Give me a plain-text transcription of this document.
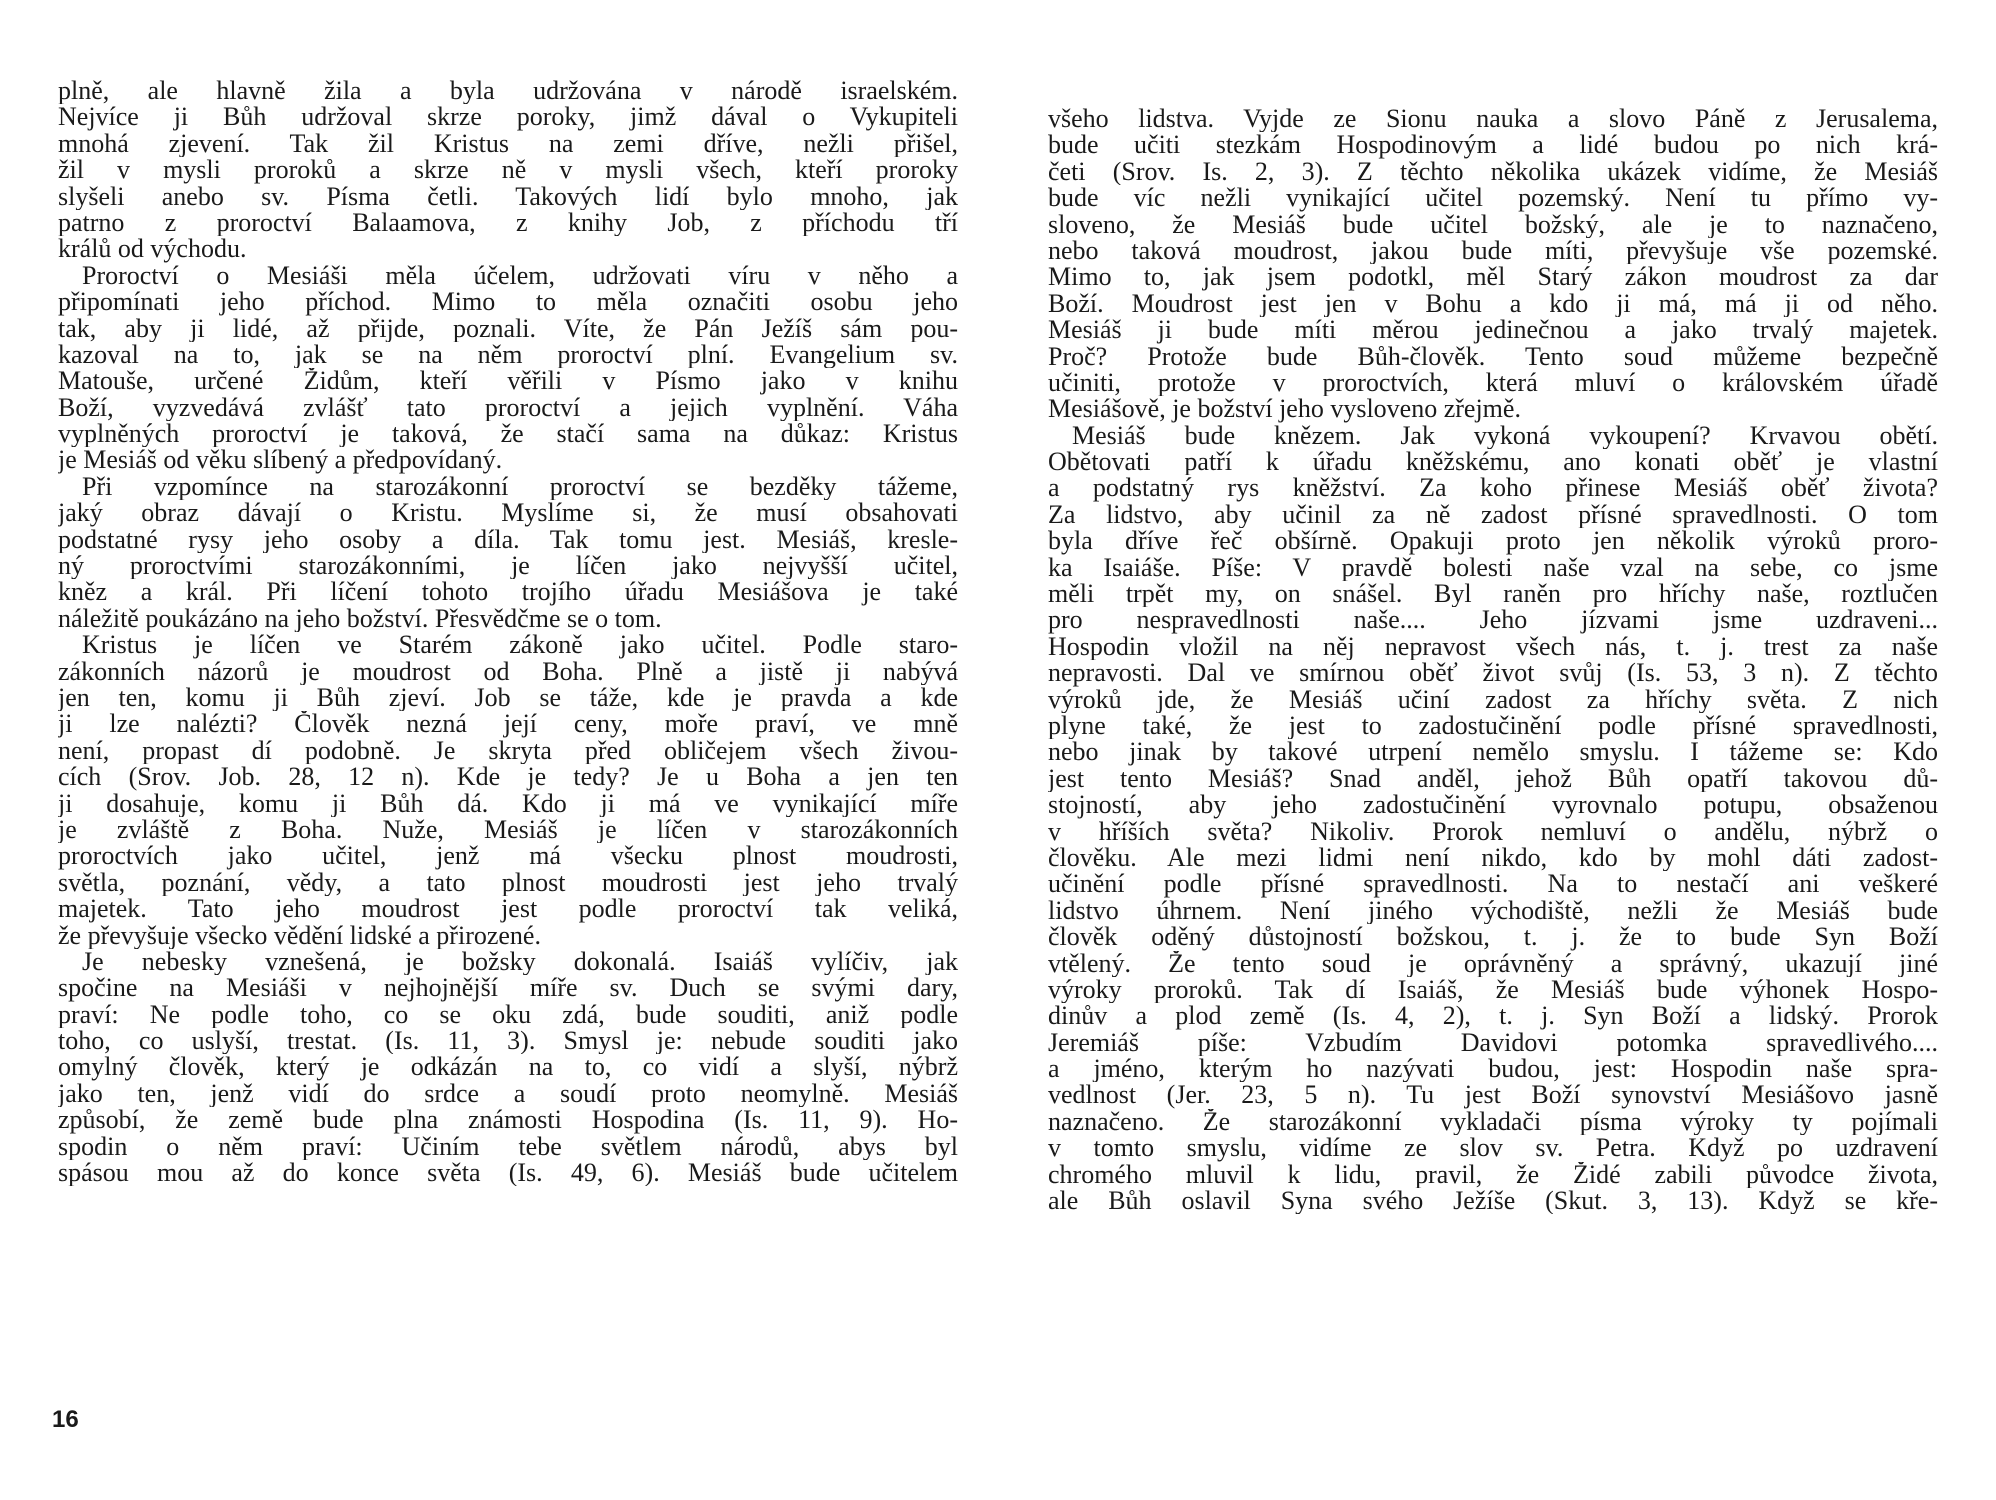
plně, ale hlavně žila a byla udržována v národě israelském.
Nejvíce ji Bůh udržoval skrze poroky, jimž dával o Vykupiteli
mnohá zjevení. Tak žil Kristus na zemi dříve, nežli přišel,
žil v mysli proroků a skrze ně v mysli všech, kteří proroky
slyšeli anebo sv. Písma četli. Takových lidí bylo mnoho, jak
patrno z proroctví Balaamova, z knihy Job, z příchodu tří
králů od východu.
Proroctví o Mesiáši měla účelem, udržovati víru v něho a
připomínati jeho příchod. Mimo to měla označiti osobu jeho
tak, aby ji lidé, až přijde, poznali. Víte, že Pán Ježíš sám pou-
kazoval na to, jak se na něm proroctví plní. Evangelium sv.
Matouše, určené Židům, kteří věřili v Písmo jako v knihu
Boží, vyzvedává zvlášť tato proroctví a jejich vyplnění. Váha
vyplněných proroctví je taková, že stačí sama na důkaz: Kristus
je Mesiáš od věku slíbený a předpovídaný.
Při vzpomínce na starozákonní proroctví se bezděky tážeme,
jaký obraz dávají o Kristu. Myslíme si, že musí obsahovati
podstatné rysy jeho osoby a díla. Tak tomu jest. Mesiáš, kresle-
ný proroctvími starozákonními, je líčen jako nejvyšší učitel,
kněz a král. Při líčení tohoto trojího úřadu Mesiášova je také
náležitě poukázáno na jeho božství. Přesvědčme se o tom.
Kristus je líčen ve Starém zákoně jako učitel. Podle staro-
zákonních názorů je moudrost od Boha. Plně a jistě ji nabývá
jen ten, komu ji Bůh zjeví. Job se táže, kde je pravda a kde
ji lze nalézti? Člověk nezná její ceny, moře praví, ve mně
není, propast dí podobně. Je skryta před obličejem všech živou-
cích (Srov. Job. 28, 12 n). Kde je tedy? Je u Boha a jen ten
ji dosahuje, komu ji Bůh dá. Kdo ji má ve vynikající míře
je zvláště z Boha. Nuže, Mesiáš je líčen v starozákonních
proroctvích jako učitel, jenž má všecku plnost moudrosti,
světla, poznání, vědy, a tato plnost moudrosti jest jeho trvalý
majetek. Tato jeho moudrost jest podle proroctví tak veliká,
že převyšuje všecko vědění lidské a přirozené.
Je nebesky vznešená, je božsky dokonalá. Isaiáš vylíčiv, jak
spočine na Mesiáši v nejhojnější míře sv. Duch se svými dary,
praví: Ne podle toho, co se oku zdá, bude souditi, aniž podle
toho, co uslyší, trestat. (Is. 11, 3). Smysl je: nebude souditi jako
omylný člověk, který je odkázán na to, co vidí a slyší, nýbrž
jako ten, jenž vidí do srdce a soudí proto neomylně. Mesiáš
způsobí, že země bude plna známosti Hospodina (Is. 11, 9). Ho-
spodin o něm praví: Učiním tebe světlem národů, abys byl
spásou mou až do konce světa (Is. 49, 6). Mesiáš bude učitelem
16
všeho lidstva. Vyjde ze Sionu nauka a slovo Páně z Jerusalema,
bude učiti stezkám Hospodinovým a lidé budou po nich krá-
četi (Srov. Is. 2, 3). Z těchto několika ukázek vidíme, že Mesiáš
bude víc nežli vynikající učitel pozemský. Není tu přímo vy-
sloveno, že Mesiáš bude učitel božský, ale je to naznačeno,
nebo taková moudrost, jakou bude míti, převyšuje vše pozemské.
Mimo to, jak jsem podotkl, měl Starý zákon moudrost za dar
Boží. Moudrost jest jen v Bohu a kdo ji má, má ji od něho.
Mesiáš ji bude míti měrou jedinečnou a jako trvalý majetek.
Proč? Protože bude Bůh-člověk. Tento soud můžeme bezpečně
učiniti, protože v proroctvích, která mluví o královském úřadě
Mesiášově, je božství jeho vysloveno zřejmě.
Mesiáš bude knězem. Jak vykoná vykoupení? Krvavou obětí.
Obětovati patří k úřadu kněžskému, ano konati oběť je vlastní
a podstatný rys kněžství. Za koho přinese Mesiáš oběť života?
Za lidstvo, aby učinil za ně zadost přísné spravedlnosti. O tom
byla dříve řeč obšírně. Opakuji proto jen několik výroků proro-
ka Isaiáše. Píše: V pravdě bolesti naše vzal na sebe, co jsme
měli trpět my, on snášel. Byl raněn pro hříchy naše, roztlučen
pro nespravedlnosti naše.... Jeho jízvami jsme uzdraveni...
Hospodin vložil na něj nepravost všech nás, t. j. trest za naše
nepravosti. Dal ve smírnou oběť život svůj (Is. 53, 3 n). Z těchto
výroků jde, že Mesiáš učiní zadost za hříchy světa. Z nich
plyne také, že jest to zadostučinění podle přísné spravedlnosti,
nebo jinak by takové utrpení nemělo smyslu. I tážeme se: Kdo
jest tento Mesiáš? Snad anděl, jehož Bůh opatří takovou dů-
stojností, aby jeho zadostučinění vyrovnalo potupu, obsaženou
v hříších světa? Nikoliv. Prorok nemluví o andělu, nýbrž o
člověku. Ale mezi lidmi není nikdo, kdo by mohl dáti zadost-
učinění podle přísné spravedlnosti. Na to nestačí ani veškeré
lidstvo úhrnem. Není jiného východiště, nežli že Mesiáš bude
člověk oděný důstojností božskou, t. j. že to bude Syn Boží
vtělený. Že tento soud je oprávněný a správný, ukazují jiné
výroky proroků. Tak dí Isaiáš, že Mesiáš bude výhonek Hospo-
dinův a plod země (Is. 4, 2), t. j. Syn Boží a lidský. Prorok
Jeremiáš píše: Vzbudím Davidovi potomka spravedlivého....
a jméno, kterým ho nazývati budou, jest: Hospodin naše spra-
vedlnost (Jer. 23, 5 n). Tu jest Boží synovství Mesiášovo jasně
naznačeno. Že starozákonní vykladači písma výroky ty pojímali
v tomto smyslu, vidíme ze slov sv. Petra. Když po uzdravení
chromého mluvil k lidu, pravil, že Židé zabili původce života,
ale Bůh oslavil Syna svého Ježíše (Skut. 3, 13). Když se kře-
